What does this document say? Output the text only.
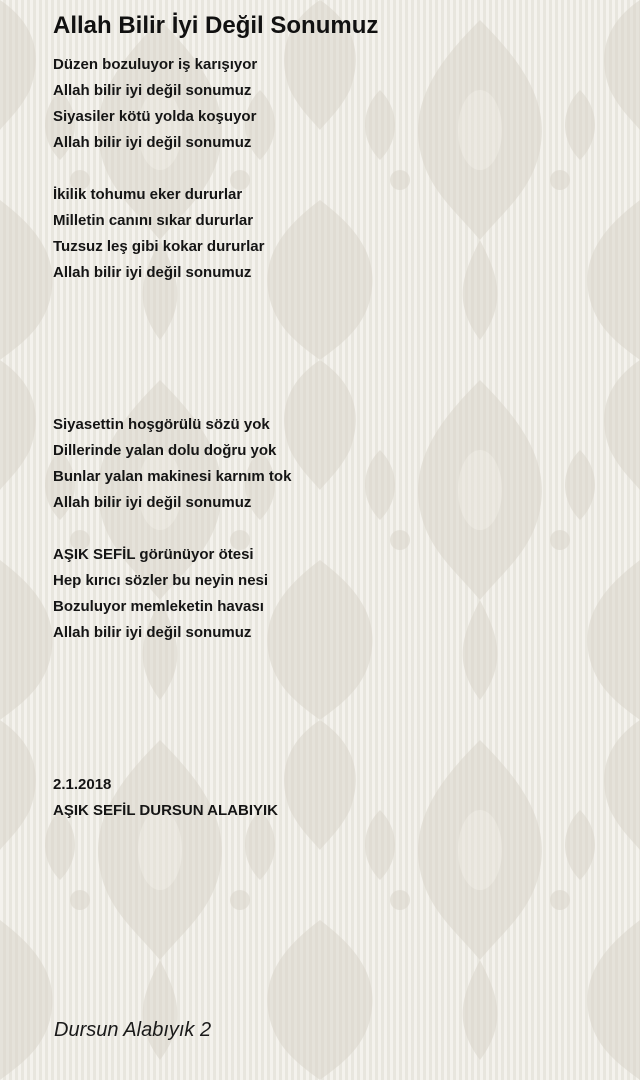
Allah Bilir İyi Değil Sonumuz
Düzen bozuluyor iş karışıyor
Allah bilir iyi değil sonumuz
Siyasiler kötü yolda koşuyor
Allah bilir iyi değil sonumuz
İkilik tohumu eker dururlar
Milletin canını sıkar dururlar
Tuzsuz leş gibi kokar dururlar
Allah bilir iyi değil sonumuz
Siyasettin hoşgörülü sözü yok
Dillerinde yalan dolu doğru yok
Bunlar yalan makinesi karnım tok
Allah bilir iyi değil sonumuz
AŞIK SEFİL görünüyor ötesi
Hep kırıcı sözler bu neyin nesi
Bozuluyor memleketin havası
Allah bilir iyi değil sonumuz
2.1.2018
AŞIK SEFİL DURSUN ALABIYIK
Dursun Alabıyık 2
